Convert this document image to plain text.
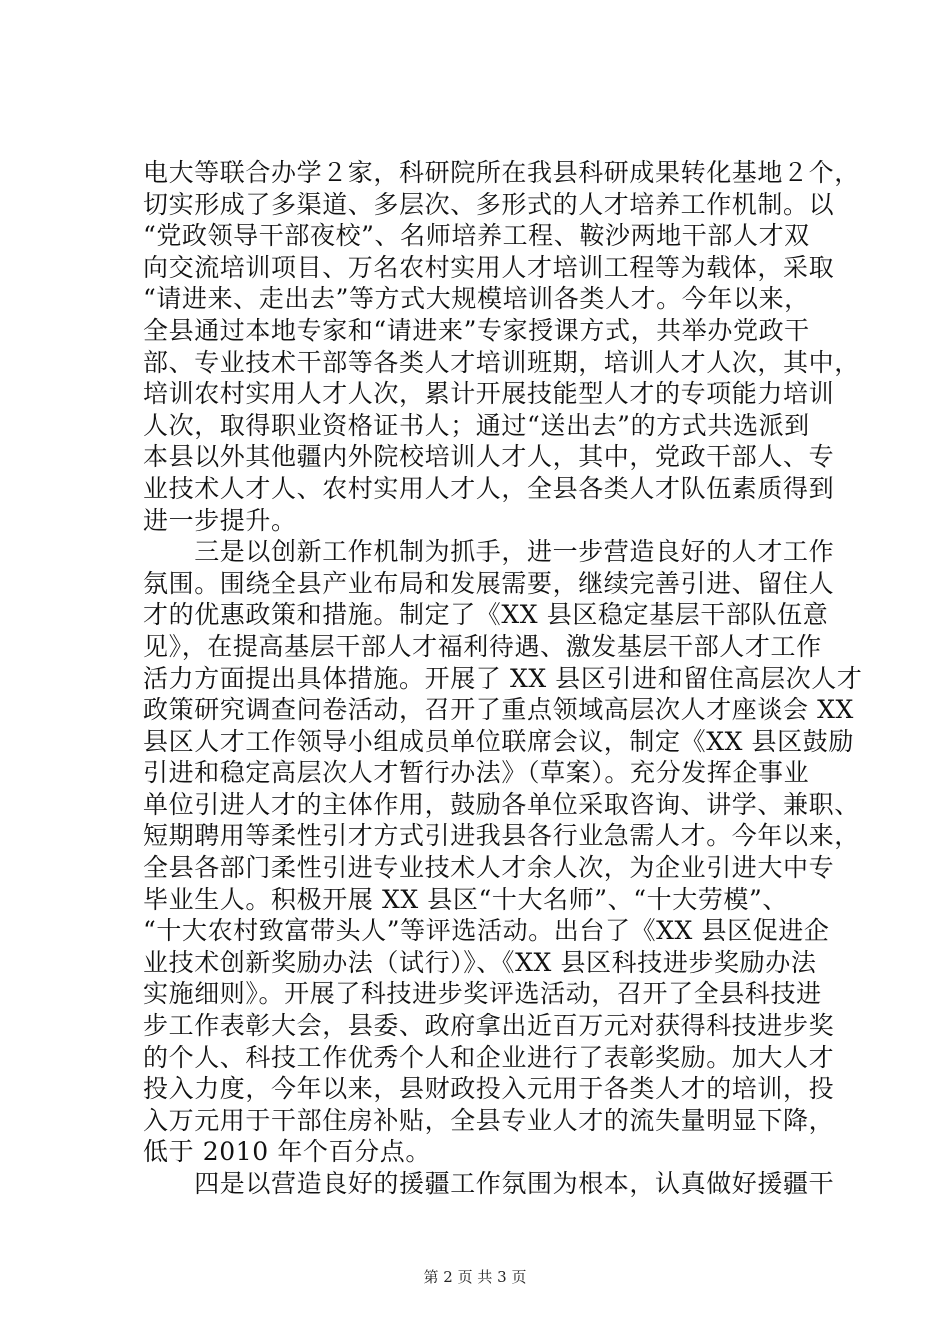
电大等联合办学２家，科研院所在我县科研成果转化基地２个，
切实形成了多渠道、多层次、多形式的人才培养工作机制。以
“党政领导干部夜校”、名师培养工程、鞍沙两地干部人才双
向交流培训项目、万名农村实用人才培训工程等为载体，采取
“请进来、走出去”等方式大规模培训各类人才。今年以来，
全县通过本地专家和“请进来”专家授课方式，共举办党政干
部、专业技术干部等各类人才培训班期，培训人才人次，其中，
培训农村实用人才人次，累计开展技能型人才的专项能力培训
人次，取得职业资格证书人；通过“送出去”的方式共选派到
本县以外其他疆内外院校培训人才人，其中，党政干部人、专
业技术人才人、农村实用人才人，全县各类人才队伍素质得到
进一步提升。
　　三是以创新工作机制为抓手，进一步营造良好的人才工作
氛围。围绕全县产业布局和发展需要，继续完善引进、留住人
才的优惠政策和措施。制定了《XX 县区稳定基层干部队伍意
见》，在提高基层干部人才福利待遇、激发基层干部人才工作
活力方面提出具体措施。开展了 XX 县区引进和留住高层次人才
政策研究调查问卷活动，召开了重点领域高层次人才座谈会 XX
县区人才工作领导小组成员单位联席会议，制定《XX 县区鼓励
引进和稳定高层次人才暂行办法》（草案）。充分发挥企事业
单位引进人才的主体作用，鼓励各单位采取咨询、讲学、兼职、
短期聘用等柔性引才方式引进我县各行业急需人才。今年以来，
全县各部门柔性引进专业技术人才余人次，为企业引进大中专
毕业生人。积极开展 XX 县区“十大名师”、“十大劳模”、
“十大农村致富带头人”等评选活动。出台了《XX 县区促进企
业技术创新奖励办法（试行）》、《XX 县区科技进步奖励办法
实施细则》。开展了科技进步奖评选活动，召开了全县科技进
步工作表彰大会，县委、政府拿出近百万元对获得科技进步奖
的个人、科技工作优秀个人和企业进行了表彰奖励。加大人才
投入力度，今年以来，县财政投入元用于各类人才的培训，投
入万元用于干部住房补贴，全县专业人才的流失量明显下降，
低于 2010 年个百分点。
　　四是以营造良好的援疆工作氛围为根本，认真做好援疆干
第 2 页 共 3 页
